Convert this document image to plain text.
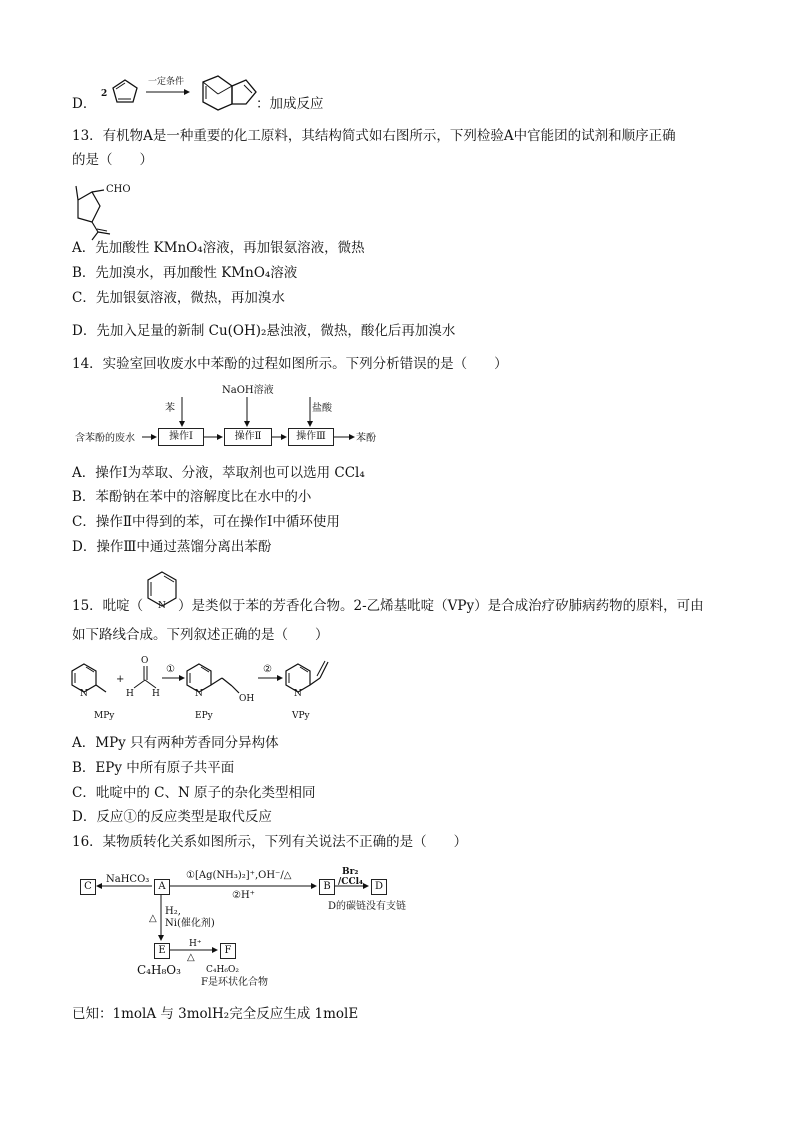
D．
2
一定条件
：加成反应
13．有机物A是一种重要的化工原料，其结构简式如右图所示，下列检验A中官能团的试剂和顺序正确
的是（　　）
CHO
A．先加酸性 KMnO₄溶液，再加银氨溶液，微热
B．先加溴水，再加酸性 KMnO₄溶液
C．先加银氨溶液，微热，再加溴水
D．先加入足量的新制 Cu(OH)₂悬浊液，微热，酸化后再加溴水
14．实验室回收废水中苯酚的过程如图所示。下列分析错误的是（　　）
苯
NaOH溶液
盐酸
含苯酚的废水	操作Ⅰ	操作Ⅱ	操作Ⅲ	苯酚
A．操作Ⅰ为萃取、分液，萃取剂也可以选用 CCl₄
B．苯酚钠在苯中的溶解度比在水中的小
C．操作Ⅱ中得到的苯，可在操作Ⅰ中循环使用
D．操作Ⅲ中通过蒸馏分离出苯酚
15．吡啶（ N ）是类似于苯的芳香化合物。2-乙烯基吡啶（VPy）是合成治疗矽肺病药物的原料，可由
如下路线合成。下列叙述正确的是（　　）
N	N	N
+
O
H H
①	②
OH
MPy	EPy	VPy
A．MPy 只有两种芳香同分异构体
B．EPy 中所有原子共平面
C．吡啶中的 C、N 原子的杂化类型相同
D．反应①的反应类型是取代反应
16．某物质转化关系如图所示，下列有关说法不正确的是（　　）
C	A	B	D
E	F
NaHCO₃	①[Ag(NH₃)₂]⁺,OH⁻/△
②H⁺
Br₂
/CCl₄
D的碳链没有支链
△
H₂,
Ni(催化剂)
H⁺
△
C₄H₈O₃	C₄H₆O₂
F是环状化合物
已知：1molA 与 3molH₂完全反应生成 1molE
